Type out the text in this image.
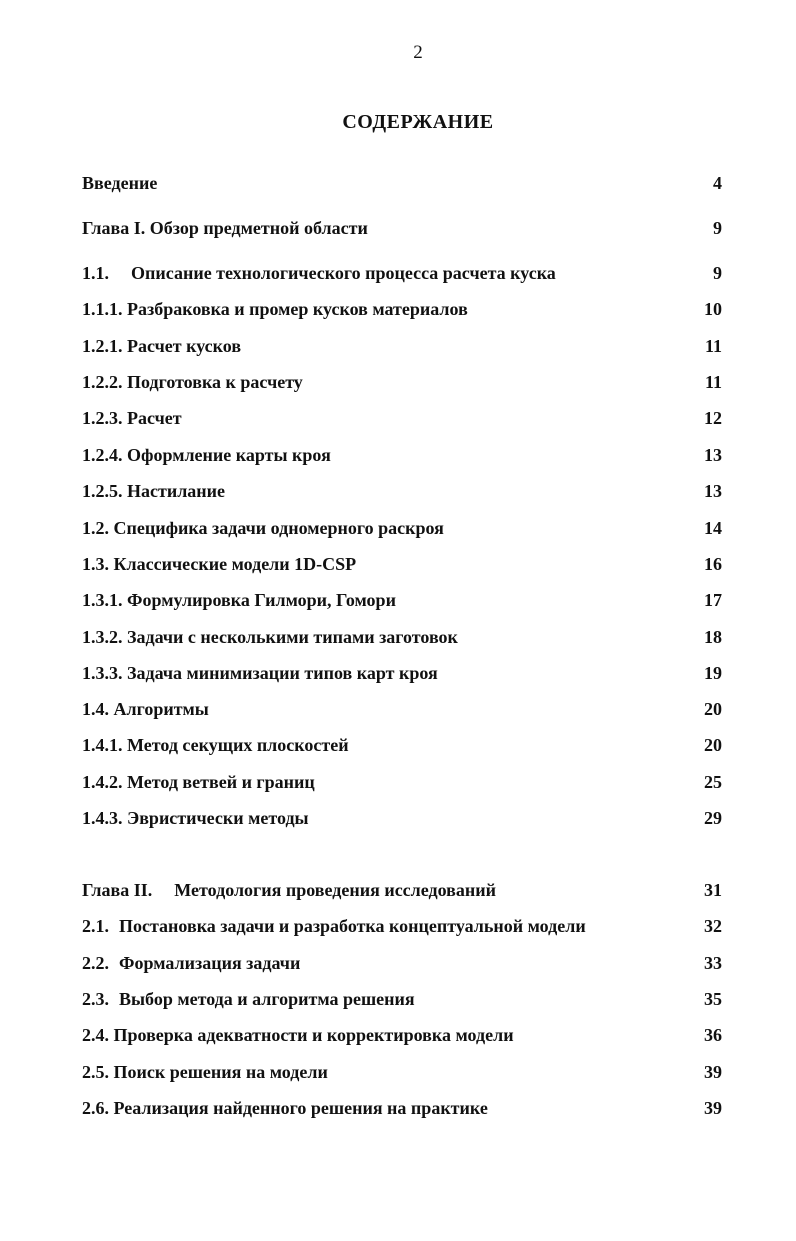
2
СОДЕРЖАНИЕ
Введение	4
Глава I. Обзор предметной области	9
1.1. Описание технологического процесса расчета куска	9
1.1.1. Разбраковка и промер кусков материалов	10
1.2.1. Расчет кусков	11
1.2.2. Подготовка к расчету	11
1.2.3. Расчет	12
1.2.4. Оформление карты кроя	13
1.2.5. Настилание	13
1.2. Специфика задачи одномерного раскроя	14
1.3. Классические модели 1D-CSP	16
1.3.1. Формулировка Гилмори, Гомори	17
1.3.2. Задачи с несколькими типами заготовок	18
1.3.3. Задача минимизации типов карт кроя	19
1.4. Алгоритмы	20
1.4.1. Метод секущих плоскостей	20
1.4.2. Метод ветвей и границ	25
1.4.3. Эвристически методы	29
Глава II. Методология проведения исследований	31
2.1. Постановка задачи и разработка концептуальной модели	32
2.2. Формализация задачи	33
2.3. Выбор метода и алгоритма решения	35
2.4. Проверка адекватности и корректировка модели	36
2.5. Поиск решения на модели	39
2.6. Реализация найденного решения на практике	39
